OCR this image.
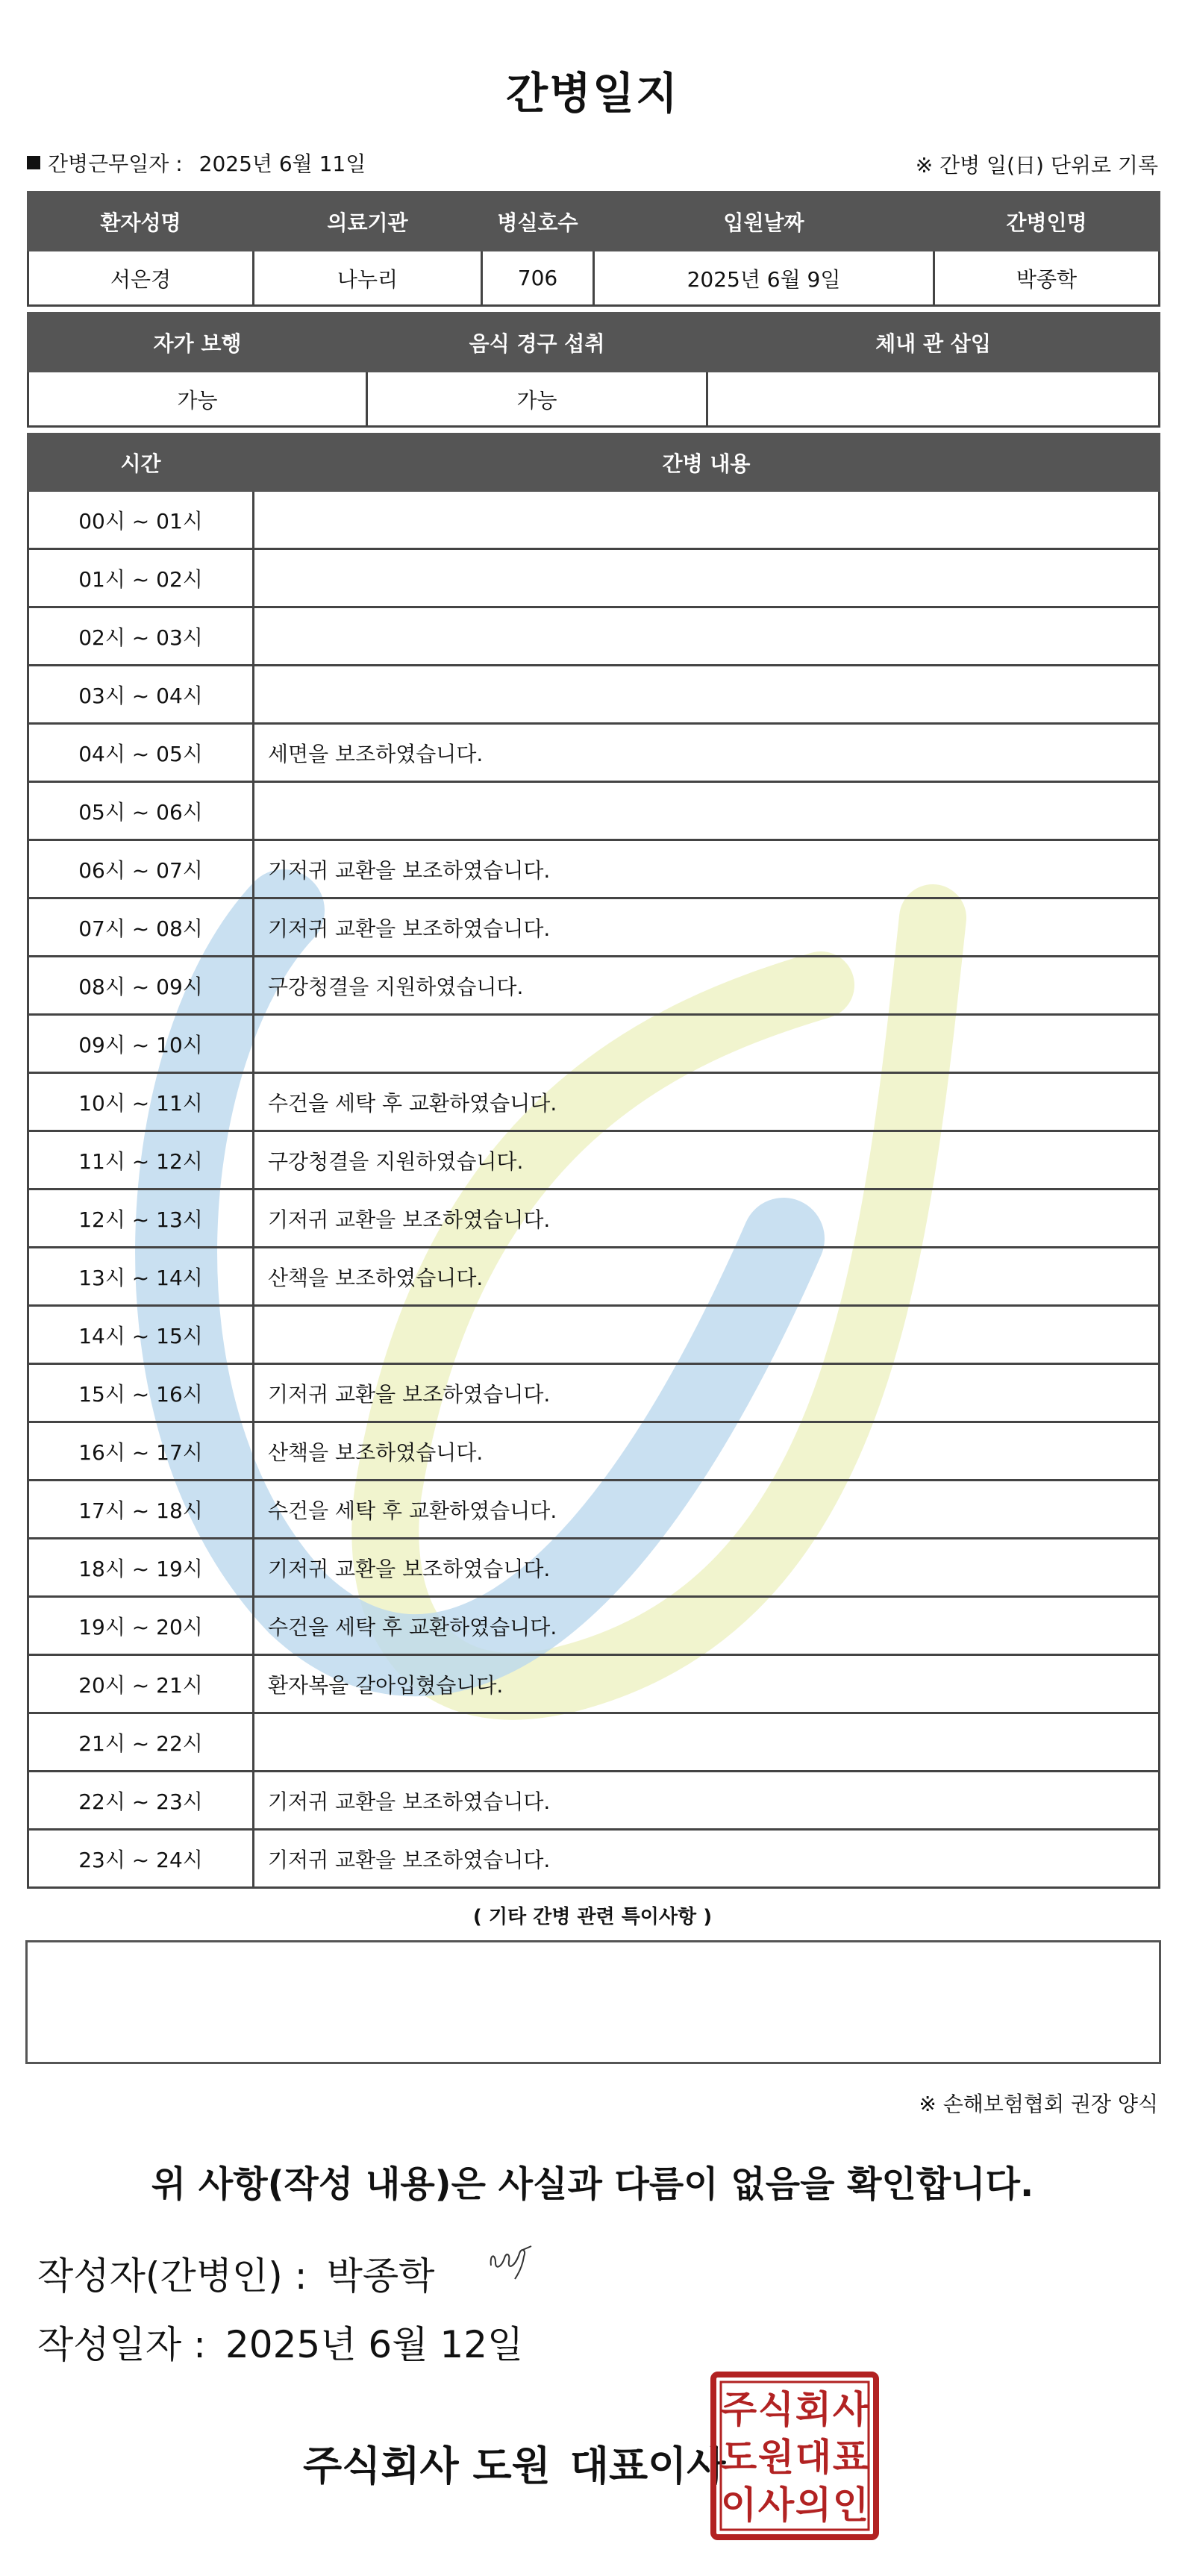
간병일지
간병근무일자 : 2025년 6월 11일	※ 간병 일(日) 단위로 기록
환자성명	의료기관	병실호수	입원날짜	간병인명
서은경	나누리	706	2025년 6월 9일	박종학
자가 보행	음식 경구 섭취	체내 관 삽입
가능	가능	
시간	간병 내용
00시 ~ 01시	
01시 ~ 02시	
02시 ~ 03시	
03시 ~ 04시	
04시 ~ 05시	세면을 보조하였습니다.
05시 ~ 06시	
06시 ~ 07시	기저귀 교환을 보조하였습니다.
07시 ~ 08시	기저귀 교환을 보조하였습니다.
08시 ~ 09시	구강청결을 지원하였습니다.
09시 ~ 10시	
10시 ~ 11시	수건을 세탁 후 교환하였습니다.
11시 ~ 12시	구강청결을 지원하였습니다.
12시 ~ 13시	기저귀 교환을 보조하였습니다.
13시 ~ 14시	산책을 보조하였습니다.
14시 ~ 15시	
15시 ~ 16시	기저귀 교환을 보조하였습니다.
16시 ~ 17시	산책을 보조하였습니다.
17시 ~ 18시	수건을 세탁 후 교환하였습니다.
18시 ~ 19시	기저귀 교환을 보조하였습니다.
19시 ~ 20시	수건을 세탁 후 교환하였습니다.
20시 ~ 21시	환자복을 갈아입혔습니다.
21시 ~ 22시	
22시 ~ 23시	기저귀 교환을 보조하였습니다.
23시 ~ 24시	기저귀 교환을 보조하였습니다.
( 기타 간병 관련 특이사항 )
※ 손해보험협회 권장 양식
위 사항(작성 내용)은 사실과 다름이 없음을 확인합니다.
작성자(간병인) : 박종학
작성일자 : 2025년 6월 12일
주식회사 도원 대표이사
주 식 회 사
도 원 대 표
이 사 의 인
